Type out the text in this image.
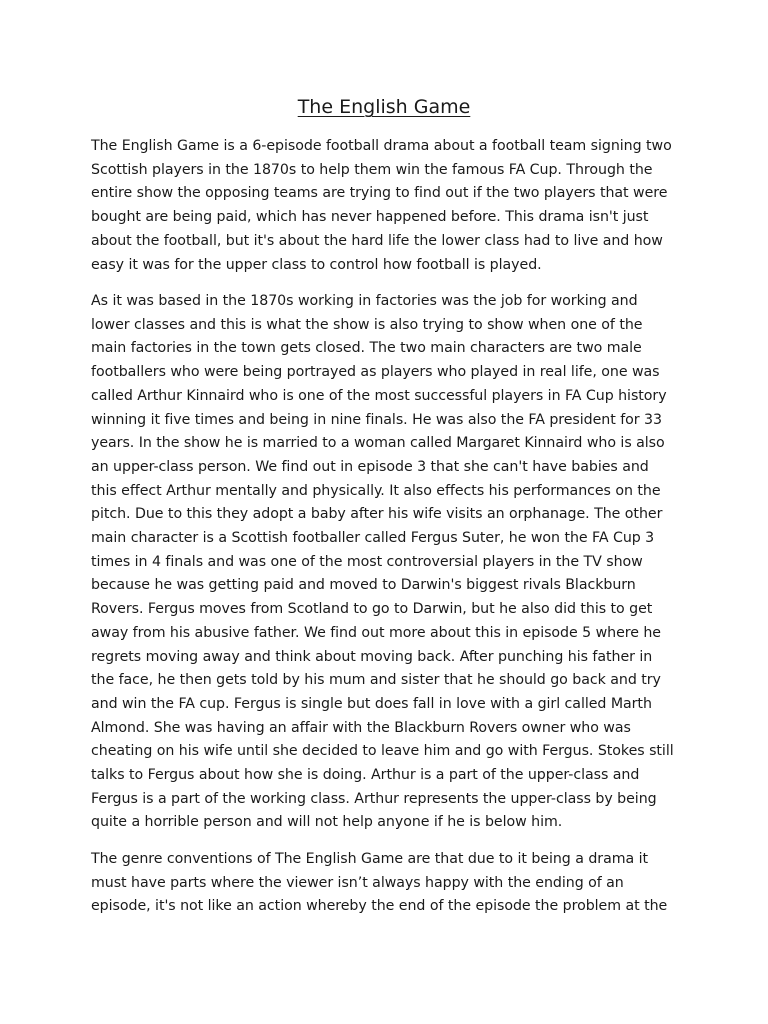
The English Game
The English Game is a 6-episode football drama about a football team signing two
Scottish players in the 1870s to help them win the famous FA Cup. Through the
entire show the opposing teams are trying to find out if the two players that were
bought are being paid, which has never happened before. This drama isn't just
about the football, but it's about the hard life the lower class had to live and how
easy it was for the upper class to control how football is played.
As it was based in the 1870s working in factories was the job for working and
lower classes and this is what the show is also trying to show when one of the
main factories in the town gets closed. The two main characters are two male
footballers who were being portrayed as players who played in real life, one was
called Arthur Kinnaird who is one of the most successful players in FA Cup history
winning it five times and being in nine finals. He was also the FA president for 33
years. In the show he is married to a woman called Margaret Kinnaird who is also
an upper-class person. We find out in episode 3 that she can't have babies and
this effect Arthur mentally and physically. It also effects his performances on the
pitch. Due to this they adopt a baby after his wife visits an orphanage. The other
main character is a Scottish footballer called Fergus Suter, he won the FA Cup 3
times in 4 finals and was one of the most controversial players in the TV show
because he was getting paid and moved to Darwin's biggest rivals Blackburn
Rovers. Fergus moves from Scotland to go to Darwin, but he also did this to get
away from his abusive father. We find out more about this in episode 5 where he
regrets moving away and think about moving back. After punching his father in
the face, he then gets told by his mum and sister that he should go back and try
and win the FA cup. Fergus is single but does fall in love with a girl called Marth
Almond. She was having an affair with the Blackburn Rovers owner who was
cheating on his wife until she decided to leave him and go with Fergus. Stokes still
talks to Fergus about how she is doing. Arthur is a part of the upper-class and
Fergus is a part of the working class. Arthur represents the upper-class by being
quite a horrible person and will not help anyone if he is below him.
The genre conventions of The English Game are that due to it being a drama it
must have parts where the viewer isn’t always happy with the ending of an
episode, it's not like an action whereby the end of the episode the problem at the
